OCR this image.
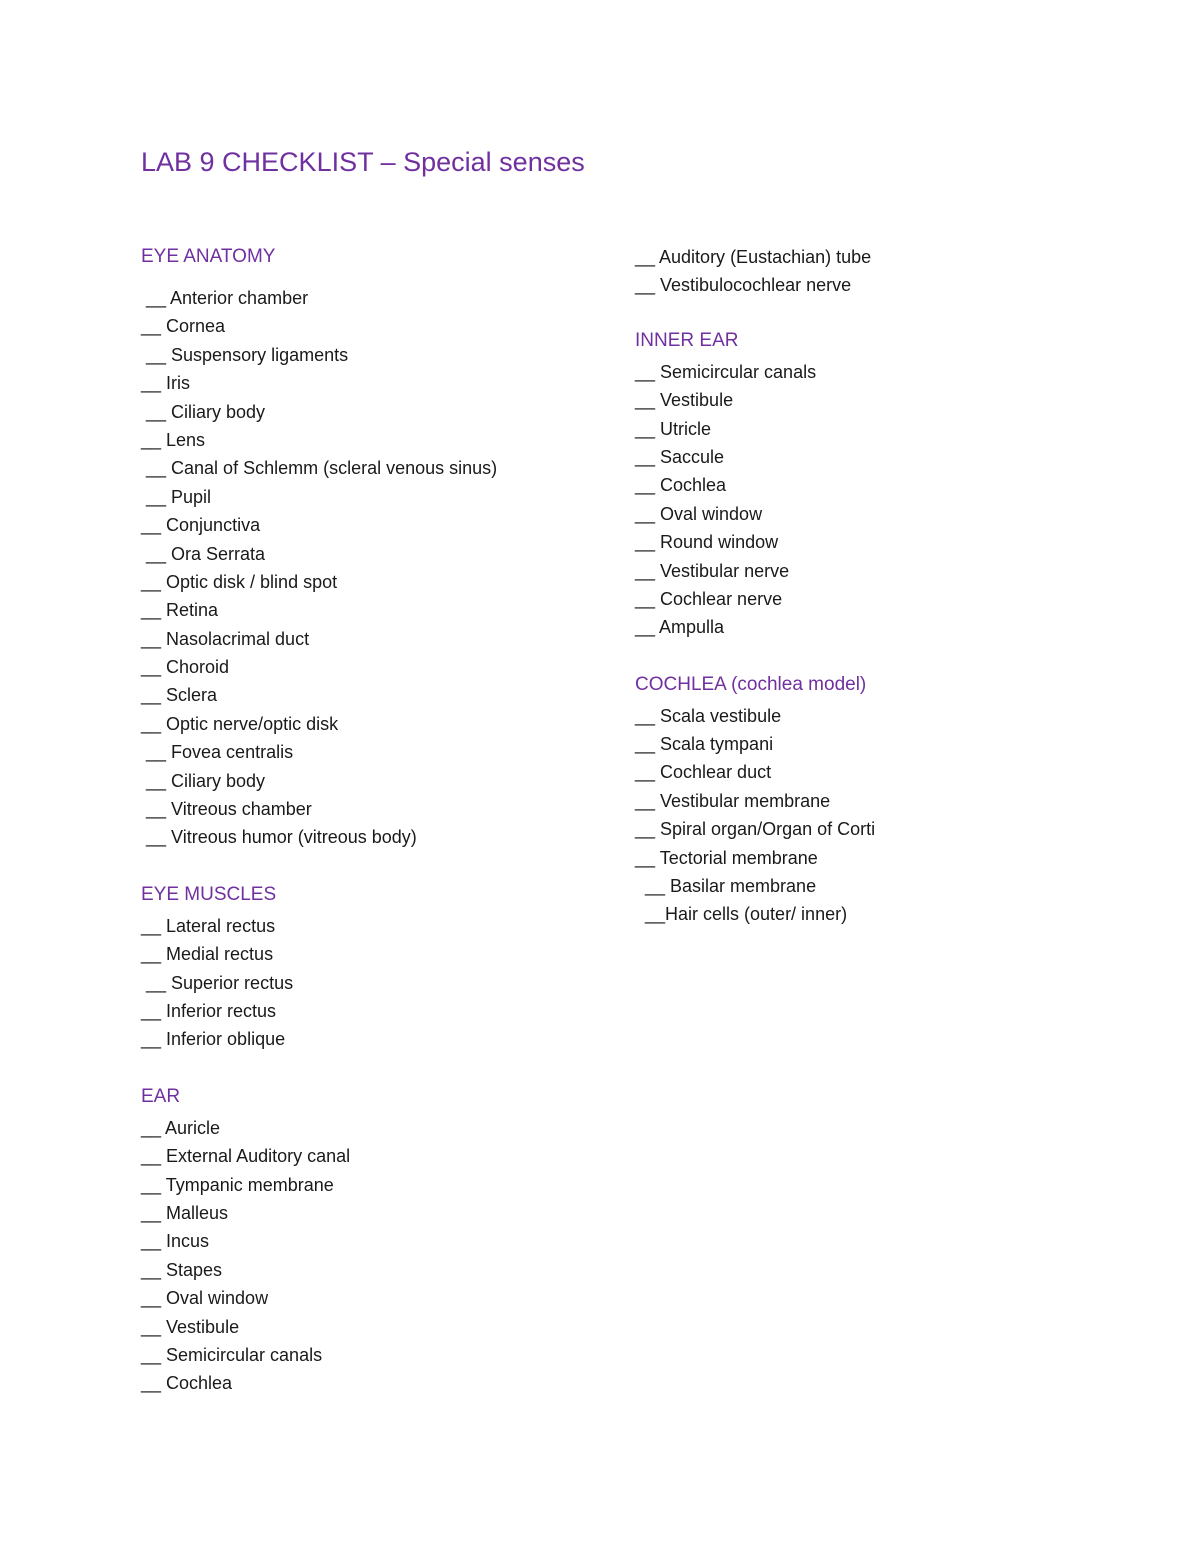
LAB 9 CHECKLIST – Special senses
EYE ANATOMY
__ Anterior chamber
__ Cornea
__ Suspensory ligaments
__ Iris
__ Ciliary body
__ Lens
__ Canal of Schlemm (scleral venous sinus)
__ Pupil
__ Conjunctiva
__ Ora Serrata
__ Optic disk / blind spot
__ Retina
__ Nasolacrimal duct
__ Choroid
__ Sclera
__ Optic nerve/optic disk
__ Fovea centralis
__ Ciliary body
__ Vitreous chamber
__ Vitreous humor (vitreous body)
EYE MUSCLES
__ Lateral rectus
__ Medial rectus
__ Superior rectus
__ Inferior rectus
__ Inferior oblique
EAR
__ Auricle
__ External Auditory canal
__ Tympanic membrane
__ Malleus
__ Incus
__ Stapes
__ Oval window
__ Vestibule
__ Semicircular canals
__ Cochlea
__ Auditory (Eustachian) tube
__ Vestibulocochlear nerve
INNER EAR
__ Semicircular canals
__ Vestibule
__ Utricle
__ Saccule
__ Cochlea
__ Oval window
__ Round window
__ Vestibular nerve
__ Cochlear nerve
__ Ampulla
COCHLEA (cochlea model)
__ Scala vestibule
__ Scala tympani
__ Cochlear duct
__ Vestibular membrane
__ Spiral organ/Organ of Corti
__ Tectorial membrane
__ Basilar membrane
__Hair cells (outer/ inner)
